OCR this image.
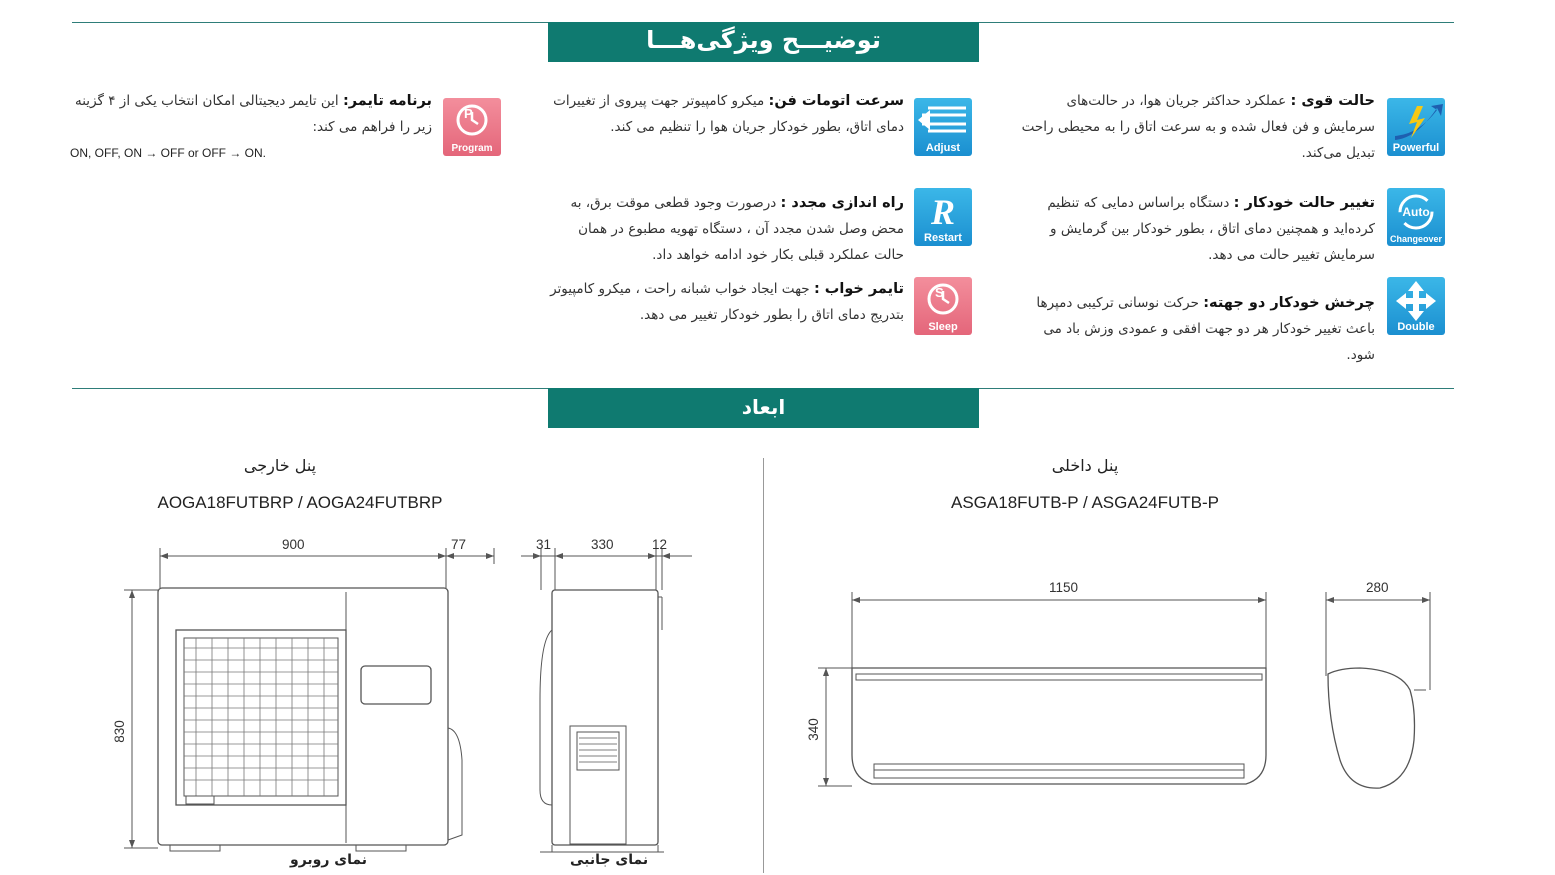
توضیـــح ویژگی‌هـــا
ابعاد
Powerful
Auto
Changeover
Double
Adjust
R
Restart
S
Sleep
P
Program
حالت قوی : عملکرد حداکثر جریان هوا، در حالت‌های سرمایش و فن فعال شده و به سرعت اتاق را به محیطی راحت تبدیل می‌کند.
تغییر حالت خودکار : دستگاه براساس دمایی که تنظیم کرده‌اید و همچنین دمای اتاق ، بطور خودکار بین گرمایش و سرمایش تغییر حالت می دهد.
چرخش خودکار دو جهته: حرکت نوسانی ترکیبی دمپرها باعث تغییر خودکار هر دو جهت افقی و عمودی وزش باد می شود.
سرعت اتومات فن: میکرو کامپیوتر جهت پیروی از تغییرات دمای اتاق، بطور خودکار جریان هوا را تنظیم می کند.
راه اندازی مجدد : درصورت وجود قطعی موقت برق، به محض وصل شدن مجدد آن ، دستگاه تهویه مطبوع در همان حالت عملکرد قبلی بکار خود ادامه خواهد داد.
تایمر خواب : جهت ایجاد خواب شبانه راحت ، میکرو کامپیوتر بتدریج دمای اتاق را بطور خودکار تغییر می دهد.
برنامه تایمر: این تایمر دیجیتالی امکان انتخاب یکی از ۴ گزینه زیر را فراهم می کند:
ON, OFF, ON → OFF or OFF → ON.
پنل خارجی
AOGA18FUTBRP / AOGA24FUTBRP
پنل داخلی
ASGA18FUTB-P / ASGA24FUTB-P
900	77
830
31	330	12
1150	280
340
نمای روبرو	نمای جانبی
